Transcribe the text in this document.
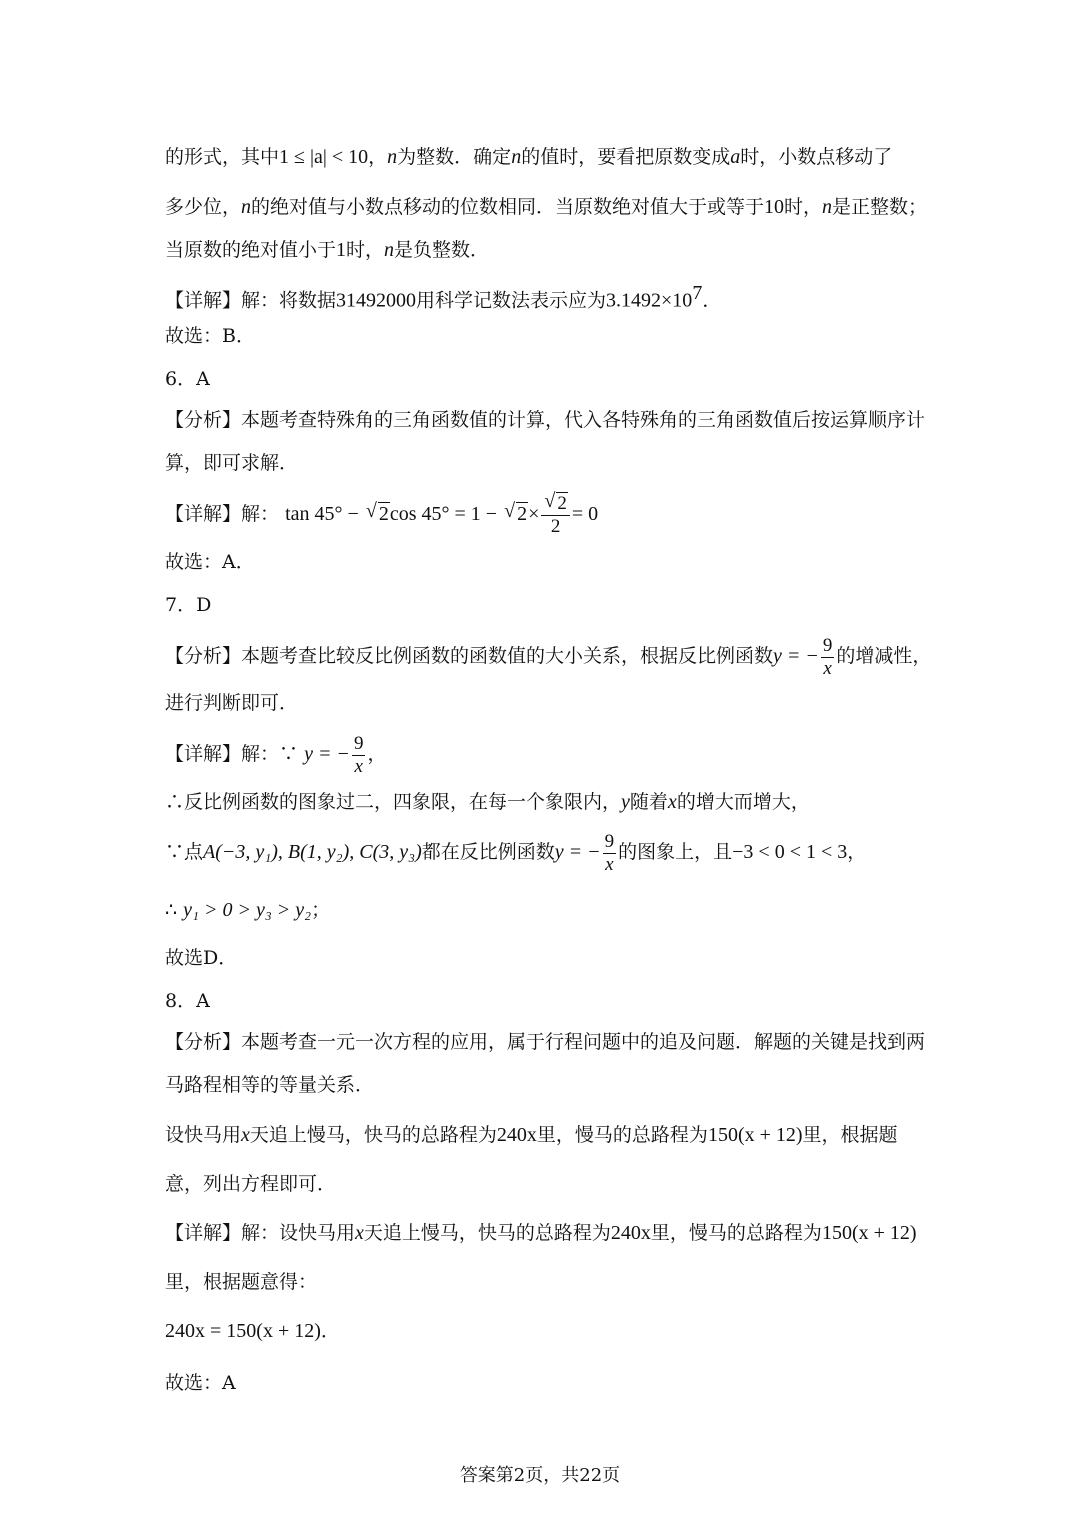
的形式，其中1 ≤ |a| < 10，n为整数．确定n的值时，要看把原数变成a时，小数点移动了
多少位，n的绝对值与小数点移动的位数相同．当原数绝对值大于或等于10时，n是正整数；
当原数的绝对值小于1时，n是负整数．
【详解】解：将数据31492000用科学记数法表示应为$3.1492\times 10^7$．
故选：B．
6．A
【分析】本题考查特殊角的三角函数值的计算，代入各特殊角的三角函数值后按运算顺序计
算，即可求解．
【详解】解： tan 45° − √ 2cos 45° = 1 − √ 2× √ $\frac{2}{2} = 0$
故选：A．
7．D
【分析】本题考查比较反比例函数的函数值的大小关系，根据反比例函数y = − $\frac{9}{x}$ 的增减性，
进行判断即可．
【详解】解：∵ y = − $\frac{9}{x}$ ，
∴反比例函数的图象过二，四象限，在每一个象限内，y随着x的增大而增大，
∵点A(−3, y₁), B(1, y₂), C(3, y₃)都在反比例函数y = − $\frac{9}{x}$ 的图象上，且−3 < 0 < 1 < 3，
∴ y₁ > 0 > y₃ > y₂；
故选D．
8．A
【分析】本题考查一元一次方程的应用，属于行程问题中的追及问题．解题的关键是找到两
马路程相等的等量关系．
设快马用x天追上慢马，快马的总路程为240x里，慢马的总路程为150(x + 12)里，根据题
意，列出方程即可．
【详解】解：设快马用x天追上慢马，快马的总路程为240x里，慢马的总路程为150(x + 12)
里，根据题意得：
240x = 150(x + 12)．
故选：A
答案第2页，共22页
